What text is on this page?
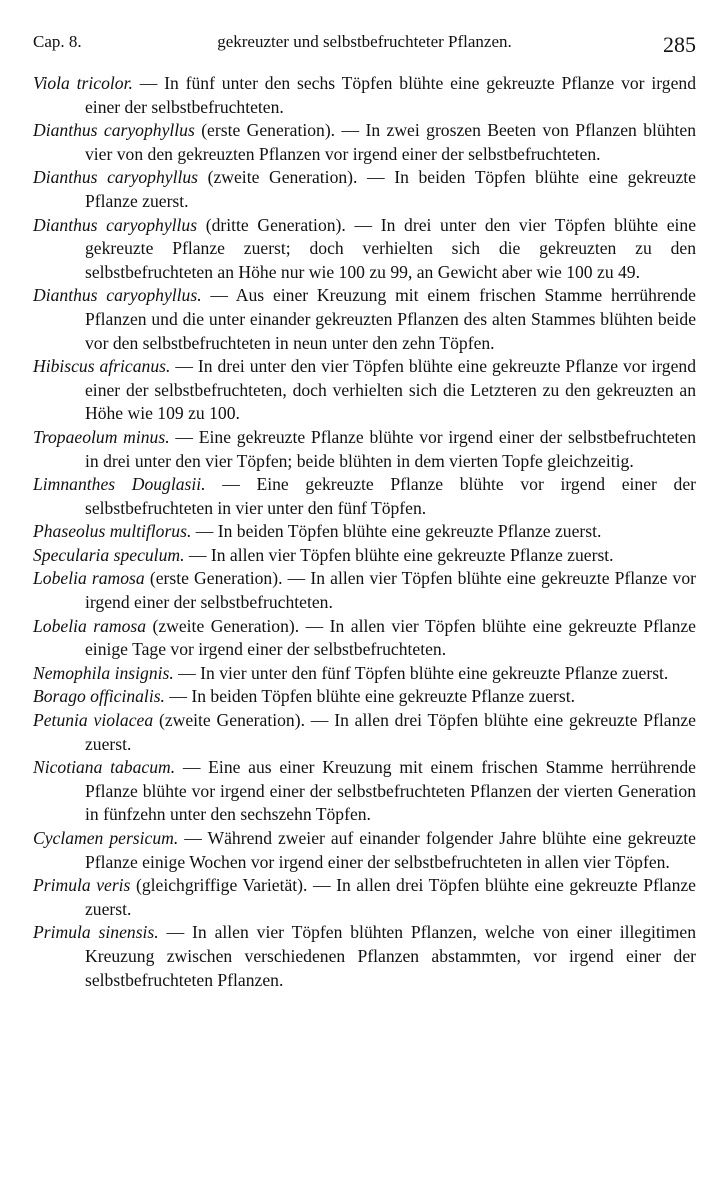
Cap. 8.	gekreuzter und selbstbefruchteter Pflanzen.	285

Viola tricolor. — In fünf unter den sechs Töpfen blühte eine gekreuzte Pflanze vor irgend einer der selbstbefruchteten.

Dianthus caryophyllus (erste Generation). — In zwei groszen Beeten von Pflanzen blühten vier von den gekreuzten Pflanzen vor irgend einer der selbstbefruchteten.

Dianthus caryophyllus (zweite Generation). — In beiden Töpfen blühte eine gekreuzte Pflanze zuerst.

Dianthus caryophyllus (dritte Generation). — In drei unter den vier Töpfen blühte eine gekreuzte Pflanze zuerst; doch verhielten sich die gekreuzten zu den selbstbefruchteten an Höhe nur wie 100 zu 99, an Gewicht aber wie 100 zu 49.

Dianthus caryophyllus. — Aus einer Kreuzung mit einem frischen Stamme herrührende Pflanzen und die unter einander gekreuzten Pflanzen des alten Stammes blühten beide vor den selbstbefruchteten in neun unter den zehn Töpfen.

Hibiscus africanus. — In drei unter den vier Töpfen blühte eine gekreuzte Pflanze vor irgend einer der selbstbefruchteten, doch verhielten sich die Letzteren zu den gekreuzten an Höhe wie 109 zu 100.

Tropaeolum minus. — Eine gekreuzte Pflanze blühte vor irgend einer der selbstbefruchteten in drei unter den vier Töpfen; beide blühten in dem vierten Topfe gleichzeitig.

Limnanthes Douglasii. — Eine gekreuzte Pflanze blühte vor irgend einer der selbstbefruchteten in vier unter den fünf Töpfen.

Phaseolus multiflorus. — In beiden Töpfen blühte eine gekreuzte Pflanze zuerst.

Specularia speculum. — In allen vier Töpfen blühte eine gekreuzte Pflanze zuerst.

Lobelia ramosa (erste Generation). — In allen vier Töpfen blühte eine gekreuzte Pflanze vor irgend einer der selbstbefruchteten.

Lobelia ramosa (zweite Generation). — In allen vier Töpfen blühte eine gekreuzte Pflanze einige Tage vor irgend einer der selbstbefruchteten.

Nemophila insignis. — In vier unter den fünf Töpfen blühte eine gekreuzte Pflanze zuerst.

Borago officinalis. — In beiden Töpfen blühte eine gekreuzte Pflanze zuerst.

Petunia violacea (zweite Generation). — In allen drei Töpfen blühte eine gekreuzte Pflanze zuerst.

Nicotiana tabacum. — Eine aus einer Kreuzung mit einem frischen Stamme herrührende Pflanze blühte vor irgend einer der selbstbefruchteten Pflanzen der vierten Generation in fünfzehn unter den sechszehn Töpfen.

Cyclamen persicum. — Während zweier auf einander folgender Jahre blühte eine gekreuzte Pflanze einige Wochen vor irgend einer der selbstbefruchteten in allen vier Töpfen.

Primula veris (gleichgriffige Varietät). — In allen drei Töpfen blühte eine gekreuzte Pflanze zuerst.

Primula sinensis. — In allen vier Töpfen blühten Pflanzen, welche von einer illegitimen Kreuzung zwischen verschiedenen Pflanzen abstammten, vor irgend einer der selbstbefruchteten Pflanzen.
